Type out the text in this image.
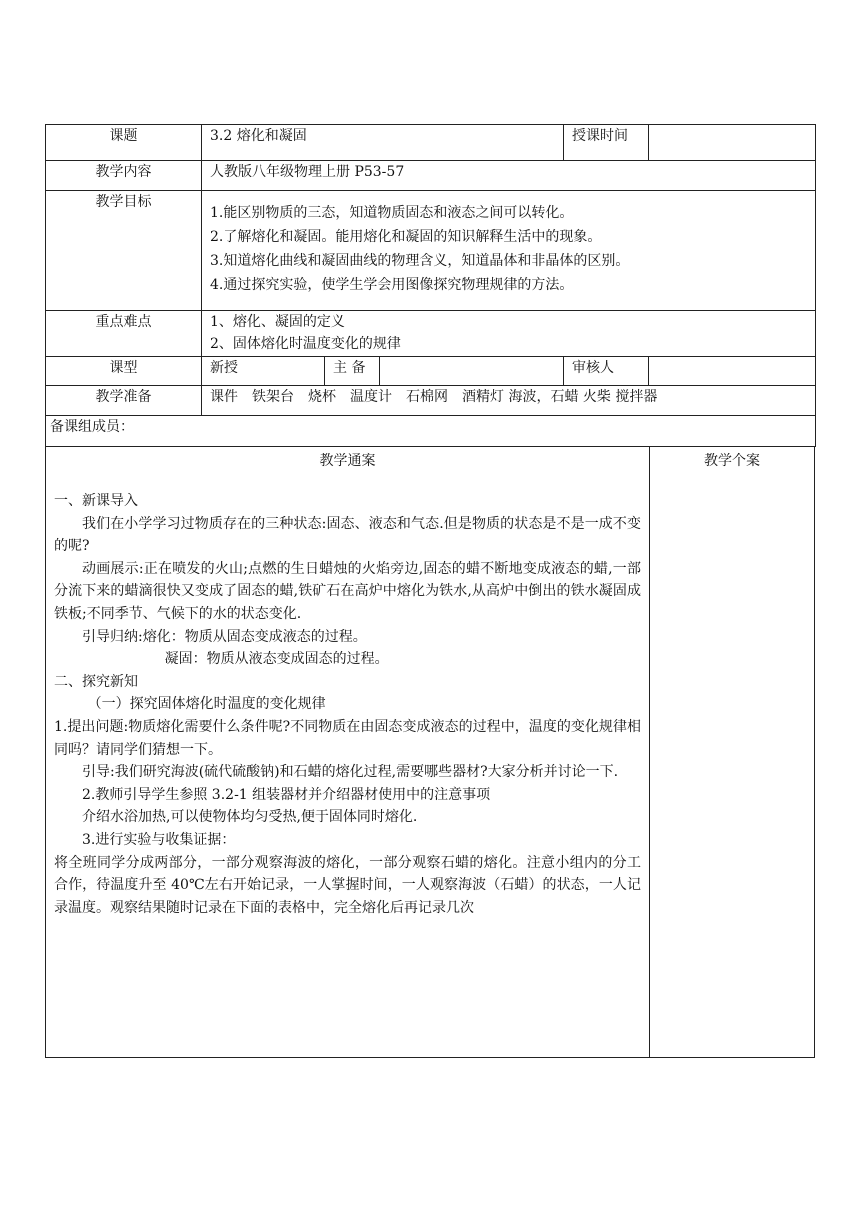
课题	3.2 熔化和凝固			授课时间	
教学内容	人教版八年级物理上册 P53-57				
教学目标	1.能区别物质的三态，知道物质固态和液态之间可以转化。
2.了解熔化和凝固。能用熔化和凝固的知识解释生活中的现象。
3.知道熔化曲线和凝固曲线的物理含义，知道晶体和非晶体的区别。
4.通过探究实验，使学生学会用图像探究物理规律的方法。				

重点难点	1、熔化、凝固的定义
2、固体熔化时温度变化的规律				

课型	新授	主 备		审核人	
教学准备	课件　铁架台　烧杯　温度计　石棉网　酒精灯 海波，石蜡 火柴 搅拌器				
备课组成员：					
教学通案

一、新课导入

我们在小学学习过物质存在的三种状态:固态、液态和气态.但是物质的状态是不是一成不变的呢?

动画展示:正在喷发的火山;点燃的生日蜡烛的火焰旁边,固态的蜡不断地变成液态的蜡,一部分流下来的蜡滴很快又变成了固态的蜡,铁矿石在高炉中熔化为铁水,从高炉中倒出的铁水凝固成铁板;不同季节、气候下的水的状态变化.

引导归纳:熔化：物质从固态变成液态的过程。

凝固：物质从液态变成固态的过程。

二、探究新知

（一）探究固体熔化时温度的变化规律

1.提出问题:物质熔化需要什么条件呢?不同物质在由固态变成液态的过程中，温度的变化规律相同吗？请同学们猜想一下。

引导:我们研究海波(硫代硫酸钠)和石蜡的熔化过程,需要哪些器材?大家分析并讨论一下.

2.教师引导学生参照 3.2-1 组装器材并介绍器材使用中的注意事项

介绍水浴加热,可以使物体均匀受热,便于固体同时熔化.

3.进行实验与收集证据：

将全班同学分成两部分，一部分观察海波的熔化，一部分观察石蜡的熔化。注意小组内的分工合作，待温度升至 40℃左右开始记录，一人掌握时间，一人观察海波（石蜡）的状态，一人记录温度。观察结果随时记录在下面的表格中，完全熔化后再记录几次

教学个案
